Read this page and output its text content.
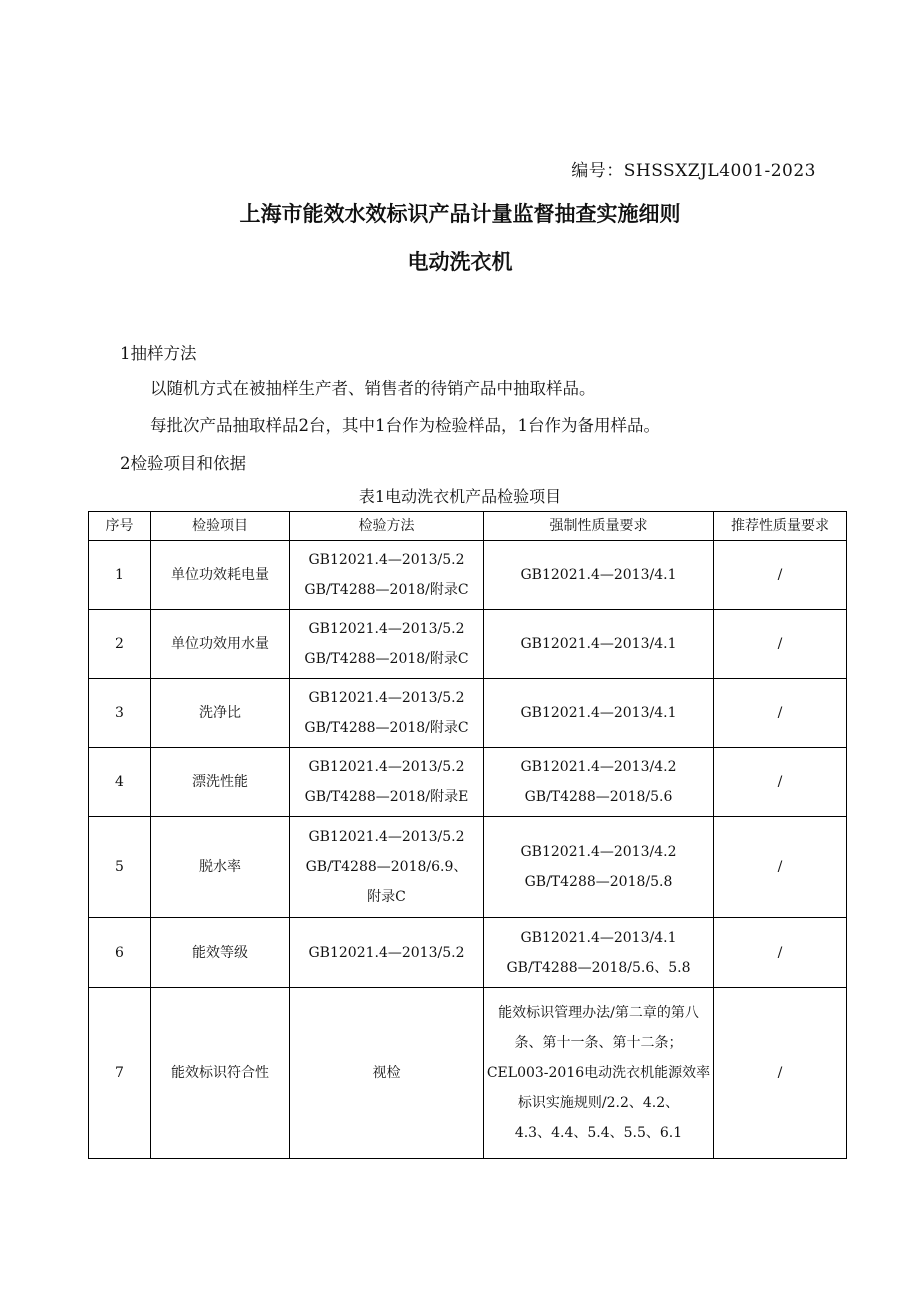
编号：SHSSXZJL4001-2023
上海市能效水效标识产品计量监督抽查实施细则
电动洗衣机
1抽样方法
以随机方式在被抽样生产者、销售者的待销产品中抽取样品。
每批次产品抽取样品2台，其中1台作为检验样品，1台作为备用样品。
2检验项目和依据
表1电动洗衣机产品检验项目
序号	检验项目	检验方法	强制性质量要求	推荐性质量要求
1	单位功效耗电量	GB12021.4—2013/5.2
GB/T4288—2018/附录C	GB12021.4—2013/4.1	/
2	单位功效用水量	GB12021.4—2013/5.2
GB/T4288—2018/附录C	GB12021.4—2013/4.1	/
3	洗净比	GB12021.4—2013/5.2
GB/T4288—2018/附录C	GB12021.4—2013/4.1	/
4	漂洗性能	GB12021.4—2013/5.2
GB/T4288—2018/附录E	GB12021.4—2013/4.2
GB/T4288—2018/5.6	/
5	脱水率	GB12021.4—2013/5.2
GB/T4288—2018/6.9、
附录C	GB12021.4—2013/4.2
GB/T4288—2018/5.8	/
6	能效等级	GB12021.4—2013/5.2	GB12021.4—2013/4.1
GB/T4288—2018/5.6、5.8	/
7	能效标识符合性	视检	能效标识管理办法/第二章的第八
条、第十一条、第十二条；
CEL003-2016电动洗衣机能源效率
标识实施规则/2.2、4.2、
4.3、4.4、5.4、5.5、6.1	/
